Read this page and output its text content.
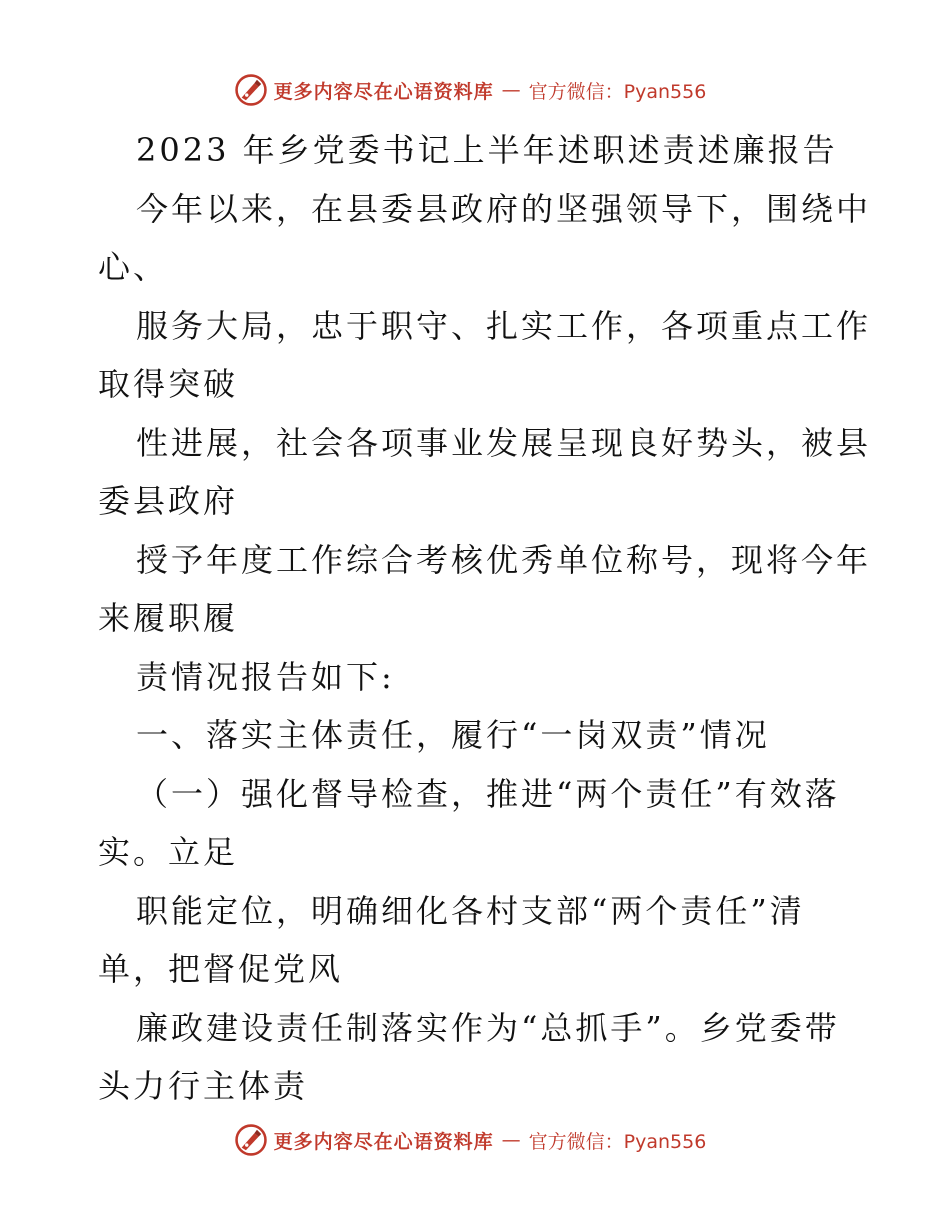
更多内容尽在心语资料库 — 官方微信：Pyan556
2023 年乡党委书记上半年述职述责述廉报告
今年以来，在县委县政府的坚强领导下，围绕中
心、
服务大局，忠于职守、扎实工作，各项重点工作
取得突破
性进展，社会各项事业发展呈现良好势头，被县
委县政府
授予年度工作综合考核优秀单位称号，现将今年
来履职履
责情况报告如下:
一、落实主体责任，履行“一岗双责”情况
（一）强化督导检查，推进“两个责任”有效落
实。立足
职能定位，明确细化各村支部“两个责任”清
单，把督促党风
廉政建设责任制落实作为“总抓手”。乡党委带
头力行主体责
更多内容尽在心语资料库 — 官方微信：Pyan556
